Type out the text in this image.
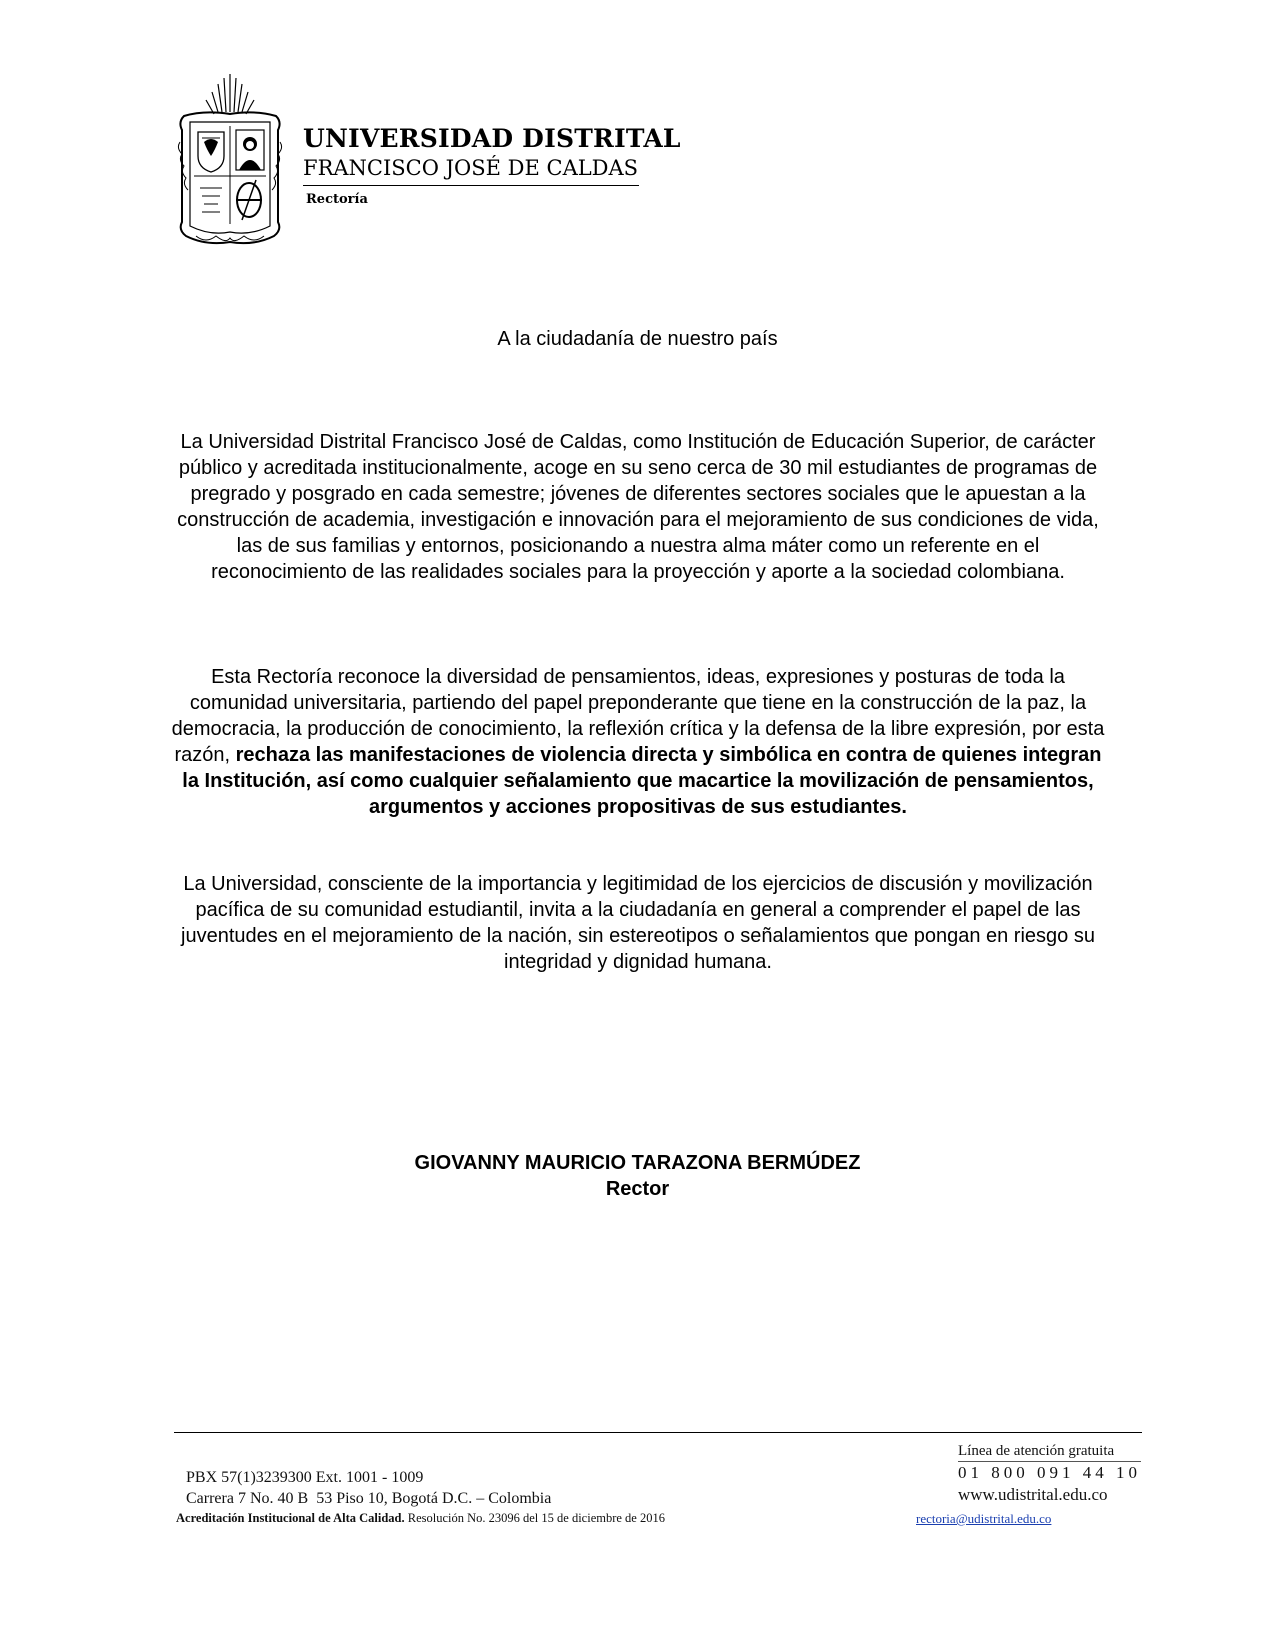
UNIVERSIDAD DISTRITAL
FRANCISCO JOSÉ DE CALDAS
Rectoría
A la ciudadanía de nuestro país
La Universidad Distrital Francisco José de Caldas, como Institución de Educación Superior, de carácter público y acreditada institucionalmente, acoge en su seno cerca de 30 mil estudiantes de programas de pregrado y posgrado en cada semestre; jóvenes de diferentes sectores sociales que le apuestan a la construcción de academia, investigación e innovación para el mejoramiento de sus condiciones de vida, las de sus familias y entornos, posicionando a nuestra alma máter como un referente en el reconocimiento de las realidades sociales para la proyección y aporte a la sociedad colombiana.
Esta Rectoría reconoce la diversidad de pensamientos, ideas, expresiones y posturas de toda la comunidad universitaria, partiendo del papel preponderante que tiene en la construcción de la paz, la democracia, la producción de conocimiento, la reflexión crítica y la defensa de la libre expresión, por esta razón, rechaza las manifestaciones de violencia directa y simbólica en contra de quienes integran la Institución, así como cualquier señalamiento que macartice la movilización de pensamientos, argumentos y acciones propositivas de sus estudiantes.
La Universidad, consciente de la importancia y legitimidad de los ejercicios de discusión y movilización pacífica de su comunidad estudiantil, invita a la ciudadanía en general a comprender el papel de las juventudes en el mejoramiento de la nación, sin estereotipos o señalamientos que pongan en riesgo su integridad y dignidad humana.
GIOVANNY MAURICIO TARAZONA BERMÚDEZ
Rector
PBX 57(1)3239300 Ext. 1001 - 1009
Carrera 7 No. 40 B  53 Piso 10, Bogotá D.C. – Colombia
Acreditación Institucional de Alta Calidad. Resolución No. 23096 del 15 de diciembre de 2016
Línea de atención gratuita
01 800 091 44 10
www.udistrital.edu.co
rectoria@udistrital.edu.co
